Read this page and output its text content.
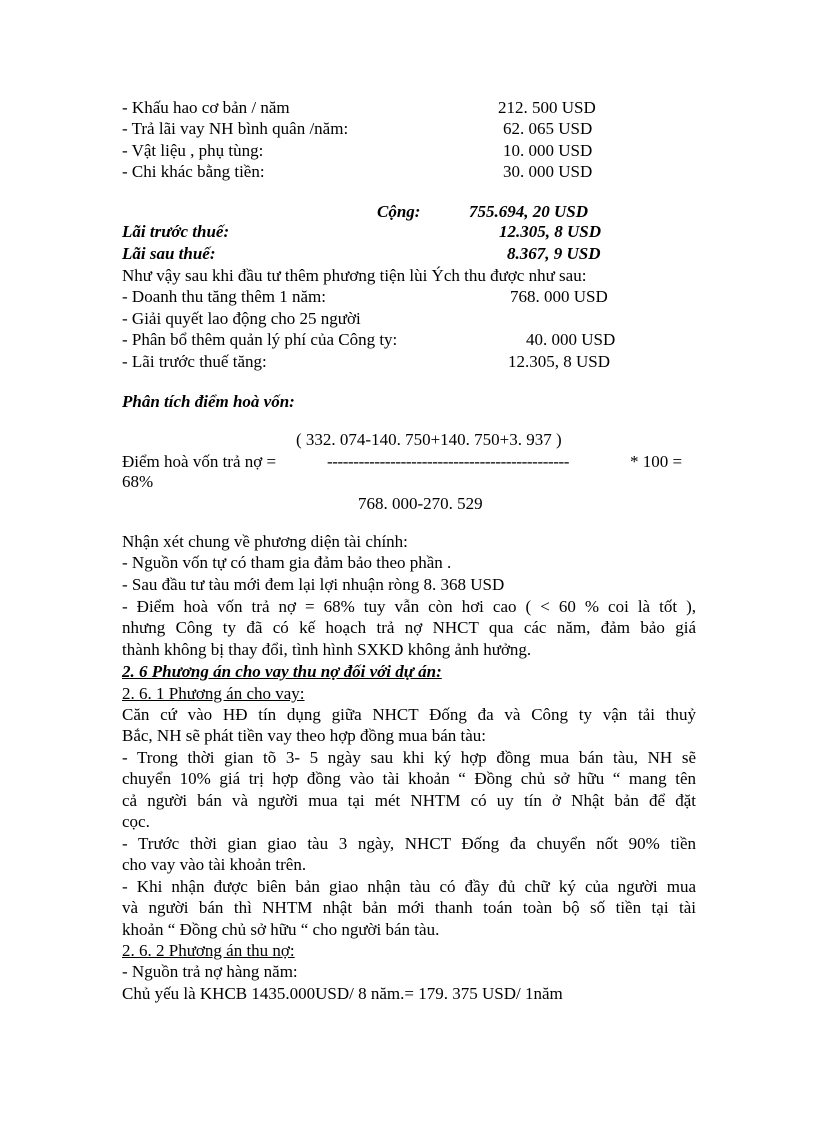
- Khấu hao cơ bản / năm	212. 500 USD
- Trả lãi vay NH bình quân /năm:	62. 065 USD
- Vật liệu , phụ tùng:	10. 000 USD
- Chi khác bằng tiền:	30. 000 USD
Cộng:	755.694, 20 USD
Lãi trước thuế:	12.305, 8 USD
Lãi sau thuế:	8.367, 9 USD
Như vậy sau khi đầu tư thêm phương tiện lùi Ých thu được như sau:
- Doanh thu tăng thêm 1 năm:	768. 000 USD
- Giải quyết lao động cho 25 người
- Phân bổ thêm quản lý phí của Công ty:	40. 000 USD
- Lãi trước thuế tăng:	12.305, 8 USD
Phân tích điểm hoà vốn:
( 332. 074-140. 750+140. 750+3. 937 )
Điểm hoà vốn trả nợ =	----------------------------------------------	* 100 =
68%
768. 000-270. 529
Nhận xét chung về phương diện tài chính:
- Nguồn vốn tự có tham gia đảm bảo theo phần .
- Sau đầu tư tàu mới đem lại lợi nhuận ròng 8. 368 USD
- Điểm hoà vốn trả nợ = 68% tuy vẫn còn hơi cao ( < 60 % coi là tốt ),
nhưng Công ty đã có kế hoạch trả nợ NHCT qua các năm, đảm bảo giá
thành không bị thay đổi, tình hình SXKD không ảnh hưởng.
2. 6 Phương án cho vay thu nợ đối với dự án:
2. 6. 1 Phương án cho vay:
Căn cứ vào HĐ tín dụng giữa NHCT Đống đa và Công ty vận tải thuỷ
Bắc, NH sẽ phát tiền vay theo hợp đồng mua bán tàu:
- Trong thời gian tõ 3- 5 ngày sau khi ký hợp đồng mua bán tàu, NH sẽ
chuyển 10% giá trị hợp đồng vào tài khoản “ Đồng chủ sở hữu “ mang tên
cả người bán và người mua tại mét NHTM có uy tín ở Nhật bản để đặt
cọc.
- Trước thời gian giao tàu 3 ngày, NHCT Đống đa chuyển nốt 90% tiền
cho vay vào tài khoản trên.
- Khi nhận được biên bản giao nhận tàu có đầy đủ chữ ký của người mua
và người bán thì NHTM nhật bản mới thanh toán toàn bộ số tiền tại tài
khoản “ Đồng chủ sở hữu “ cho người bán tàu.
2. 6. 2 Phương án thu nợ:
- Nguồn trả nợ hàng năm:
Chủ yếu là KHCB 1435.000USD/ 8 năm.= 179. 375 USD/ 1năm
